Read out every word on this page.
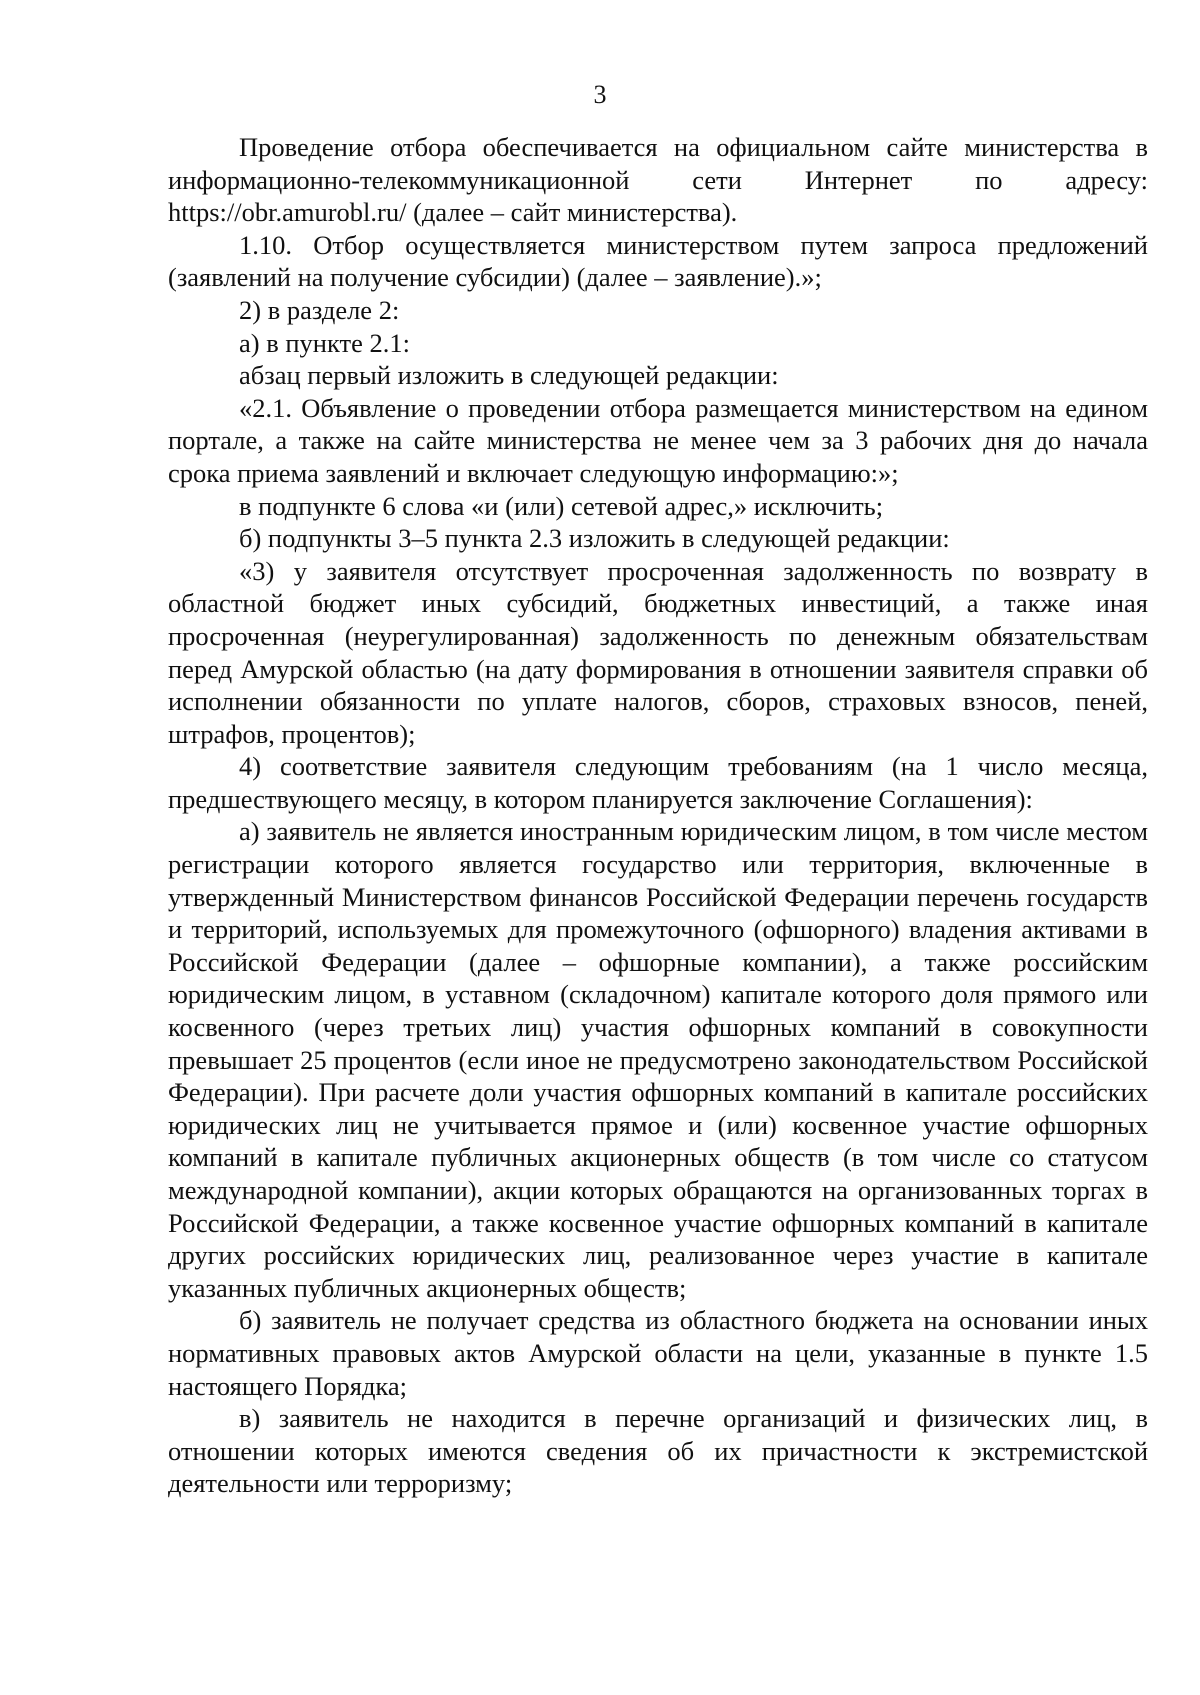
3

Проведение отбора обеспечивается на официальном сайте министерства в информационно-телекоммуникационной сети Интернет по адресу: https://obr.amurobl.ru/ (далее – сайт министерства).

1.10. Отбор осуществляется министерством путем запроса предложений (заявлений на получение субсидии) (далее – заявление).»;

2) в разделе 2:

а) в пункте 2.1:

абзац первый изложить в следующей редакции:

«2.1. Объявление о проведении отбора размещается министерством на едином портале, а также на сайте министерства не менее чем за 3 рабочих дня до начала срока приема заявлений и включает следующую информацию:»;

в подпункте 6 слова «и (или) сетевой адрес,» исключить;

б) подпункты 3–5 пункта 2.3 изложить в следующей редакции:

«3) у заявителя отсутствует просроченная задолженность по возврату в областной бюджет иных субсидий, бюджетных инвестиций, а также иная просроченная (неурегулированная) задолженность по денежным обязательствам перед Амурской областью (на дату формирования в отношении заявителя справки об исполнении обязанности по уплате налогов, сборов, страховых взносов, пеней, штрафов, процентов);

4) соответствие заявителя следующим требованиям (на 1 число месяца, предшествующего месяцу, в котором планируется заключение Соглашения):

а) заявитель не является иностранным юридическим лицом, в том числе местом регистрации которого является государство или территория, включенные в утвержденный Министерством финансов Российской Федерации перечень государств и территорий, используемых для промежуточного (офшорного) владения активами в Российской Федерации (далее – офшорные компании), а также российским юридическим лицом, в уставном (складочном) капитале которого доля прямого или косвенного (через третьих лиц) участия офшорных компаний в совокупности превышает 25 процентов (если иное не предусмотрено законодательством Российской Федерации). При расчете доли участия офшорных компаний в капитале российских юридических лиц не учитывается прямое и (или) косвенное участие офшорных компаний в капитале публичных акционерных обществ (в том числе со статусом международной компании), акции которых обращаются на организованных торгах в Российской Федерации, а также косвенное участие офшорных компаний в капитале других российских юридических лиц, реализованное через участие в капитале указанных публичных акционерных обществ;

б) заявитель не получает средства из областного бюджета на основании иных нормативных правовых актов Амурской области на цели, указанные в пункте 1.5 настоящего Порядка;

в) заявитель не находится в перечне организаций и физических лиц, в отношении которых имеются сведения об их причастности к экстремистской деятельности или терроризму;
